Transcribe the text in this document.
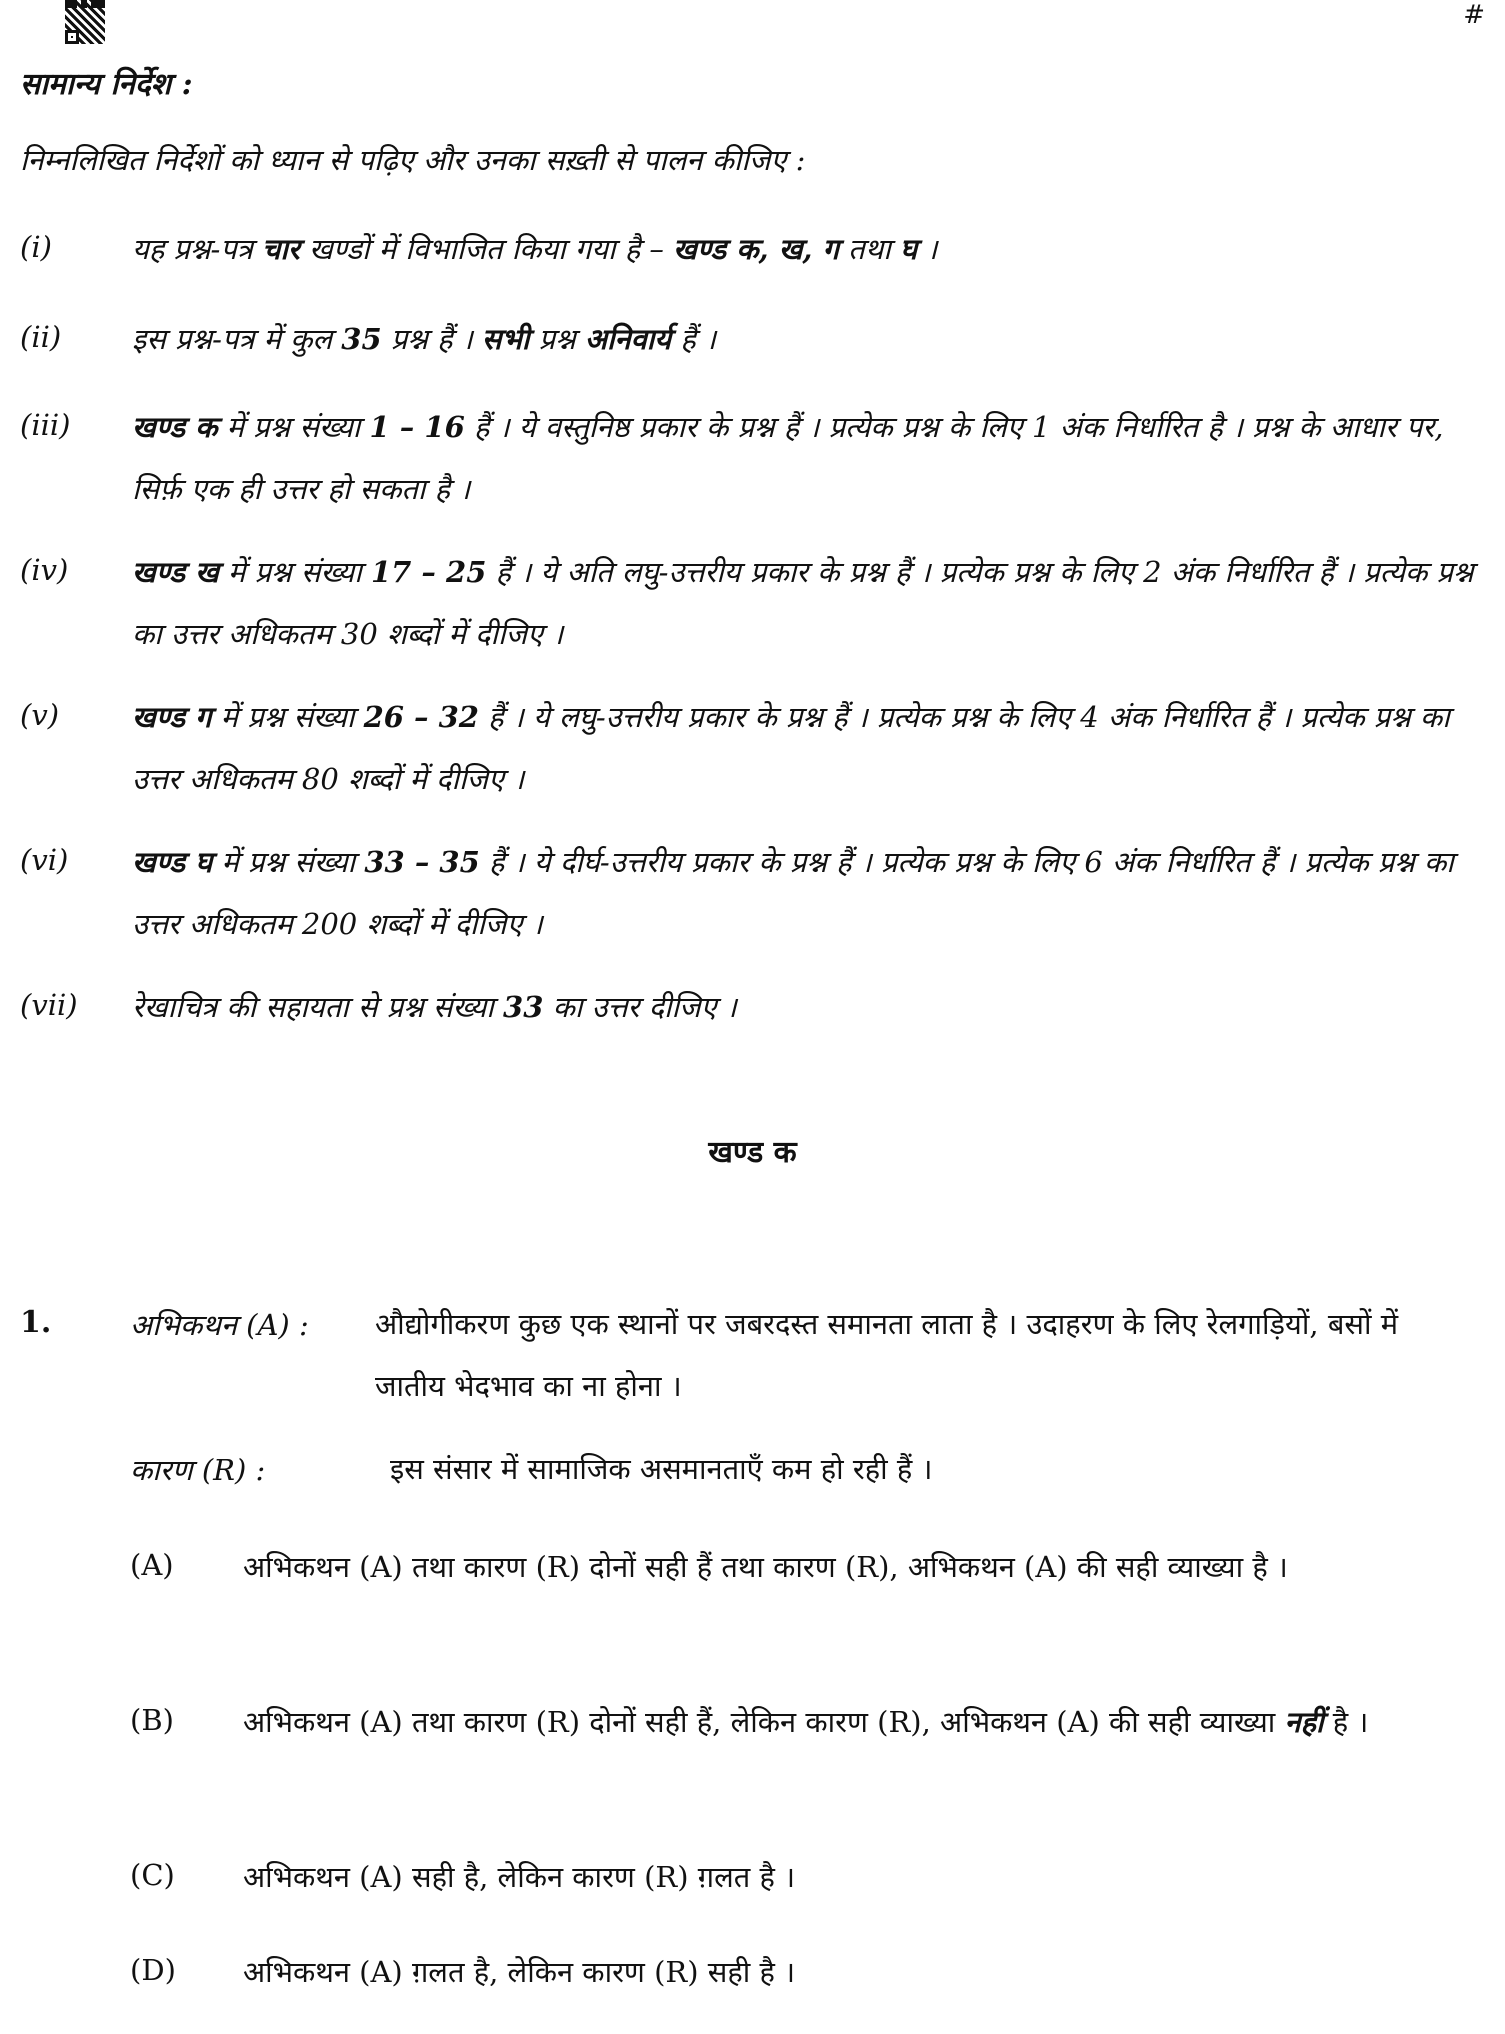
#
सामान्य निर्देश :
निम्नलिखित निर्देशों को ध्यान से पढ़िए और उनका सख़्ती से पालन कीजिए :
(i)	यह प्रश्न-पत्र चार खण्डों में विभाजित किया गया है – खण्ड क, ख, ग तथा घ ।
(ii) इस प्रश्न-पत्र में कुल 35 प्रश्न हैं । सभी प्रश्न अनिवार्य हैं ।
(iii) खण्ड क में प्रश्न संख्या 1 – 16 हैं । ये वस्तुनिष्ठ प्रकार के प्रश्न हैं । प्रत्येक प्रश्न के लिए 1 अंक निर्धारित है । प्रश्न के आधार पर, सिर्फ़ एक ही उत्तर हो सकता है ।
(iv) खण्ड ख में प्रश्न संख्या 17 – 25 हैं । ये अति लघु-उत्तरीय प्रकार के प्रश्न हैं । प्रत्येक प्रश्न के लिए 2 अंक निर्धारित हैं । प्रत्येक प्रश्न का उत्तर अधिकतम 30 शब्दों में दीजिए ।
(v)	खण्ड ग में प्रश्न संख्या 26 – 32 हैं । ये लघु-उत्तरीय प्रकार के प्रश्न हैं । प्रत्येक प्रश्न के लिए 4 अंक निर्धारित हैं । प्रत्येक प्रश्न का उत्तर अधिकतम 80 शब्दों में दीजिए ।
(vi) खण्ड घ में प्रश्न संख्या 33 – 35 हैं । ये दीर्घ-उत्तरीय प्रकार के प्रश्न हैं । प्रत्येक प्रश्न के लिए 6 अंक निर्धारित हैं । प्रत्येक प्रश्न का उत्तर अधिकतम 200 शब्दों में दीजिए ।
(vii) रेखाचित्र की सहायता से प्रश्न संख्या 33 का उत्तर दीजिए ।
खण्ड क
1.	अभिकथन (A) : औद्योगीकरण कुछ एक स्थानों पर जबरदस्त समानता लाता है । उदाहरण के लिए रेलगाड़ियों, बसों में जातीय भेदभाव का ना होना ।
कारण (R) :	इस संसार में सामाजिक असमानताएँ कम हो रही हैं ।
(A) अभिकथन (A) तथा कारण (R) दोनों सही हैं तथा कारण (R), अभिकथन (A) की सही व्याख्या है ।
(B) अभिकथन (A) तथा कारण (R) दोनों सही हैं, लेकिन कारण (R), अभिकथन (A) की सही व्याख्या नहीं है ।
(C) अभिकथन (A) सही है, लेकिन कारण (R) ग़लत है ।
(D) अभिकथन (A) ग़लत है, लेकिन कारण (R) सही है ।
